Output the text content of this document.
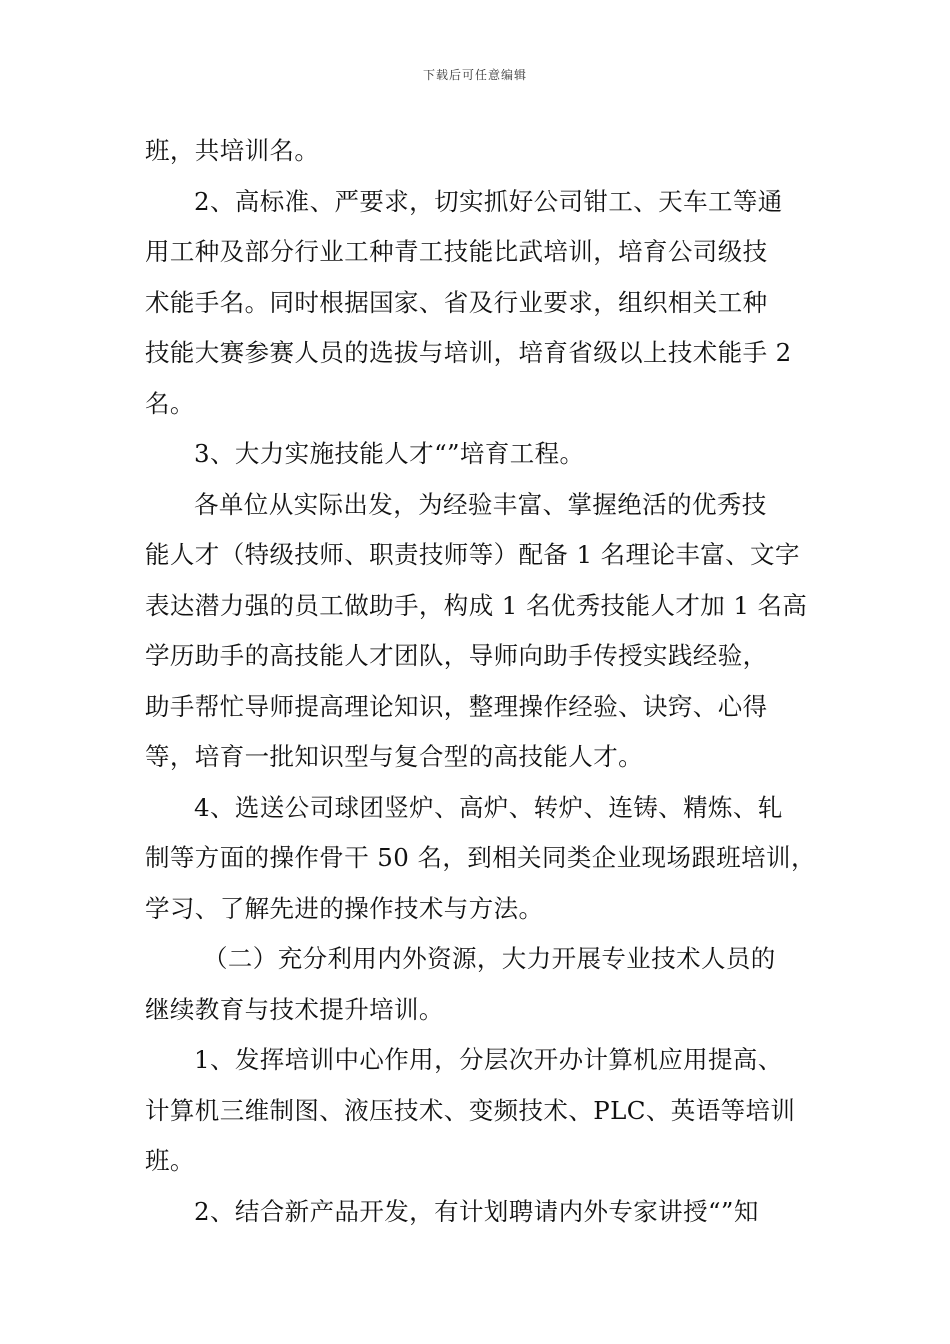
下载后可任意编辑
班，共培训名。
2、高标准、严要求，切实抓好公司钳工、天车工等通
用工种及部分行业工种青工技能比武培训，培育公司级技
术能手名。同时根据国家、省及行业要求，组织相关工种
技能大赛参赛人员的选拔与培训，培育省级以上技术能手 2
名。
3、大力实施技能人才“”培育工程。
各单位从实际出发，为经验丰富、掌握绝活的优秀技
能人才（特级技师、职责技师等）配备 1 名理论丰富、文字
表达潜力强的员工做助手，构成 1 名优秀技能人才加 1 名高
学历助手的高技能人才团队，导师向助手传授实践经验，
助手帮忙导师提高理论知识，整理操作经验、诀窍、心得
等，培育一批知识型与复合型的高技能人才。
4、选送公司球团竖炉、高炉、转炉、连铸、精炼、轧
制等方面的操作骨干 50 名，到相关同类企业现场跟班培训，
学习、了解先进的操作技术与方法。
（二）充分利用内外资源，大力开展专业技术人员的
继续教育与技术提升培训。
1、发挥培训中心作用，分层次开办计算机应用提高、
计算机三维制图、液压技术、变频技术、PLC、英语等培训
班。
2、结合新产品开发，有计划聘请内外专家讲授“”知
